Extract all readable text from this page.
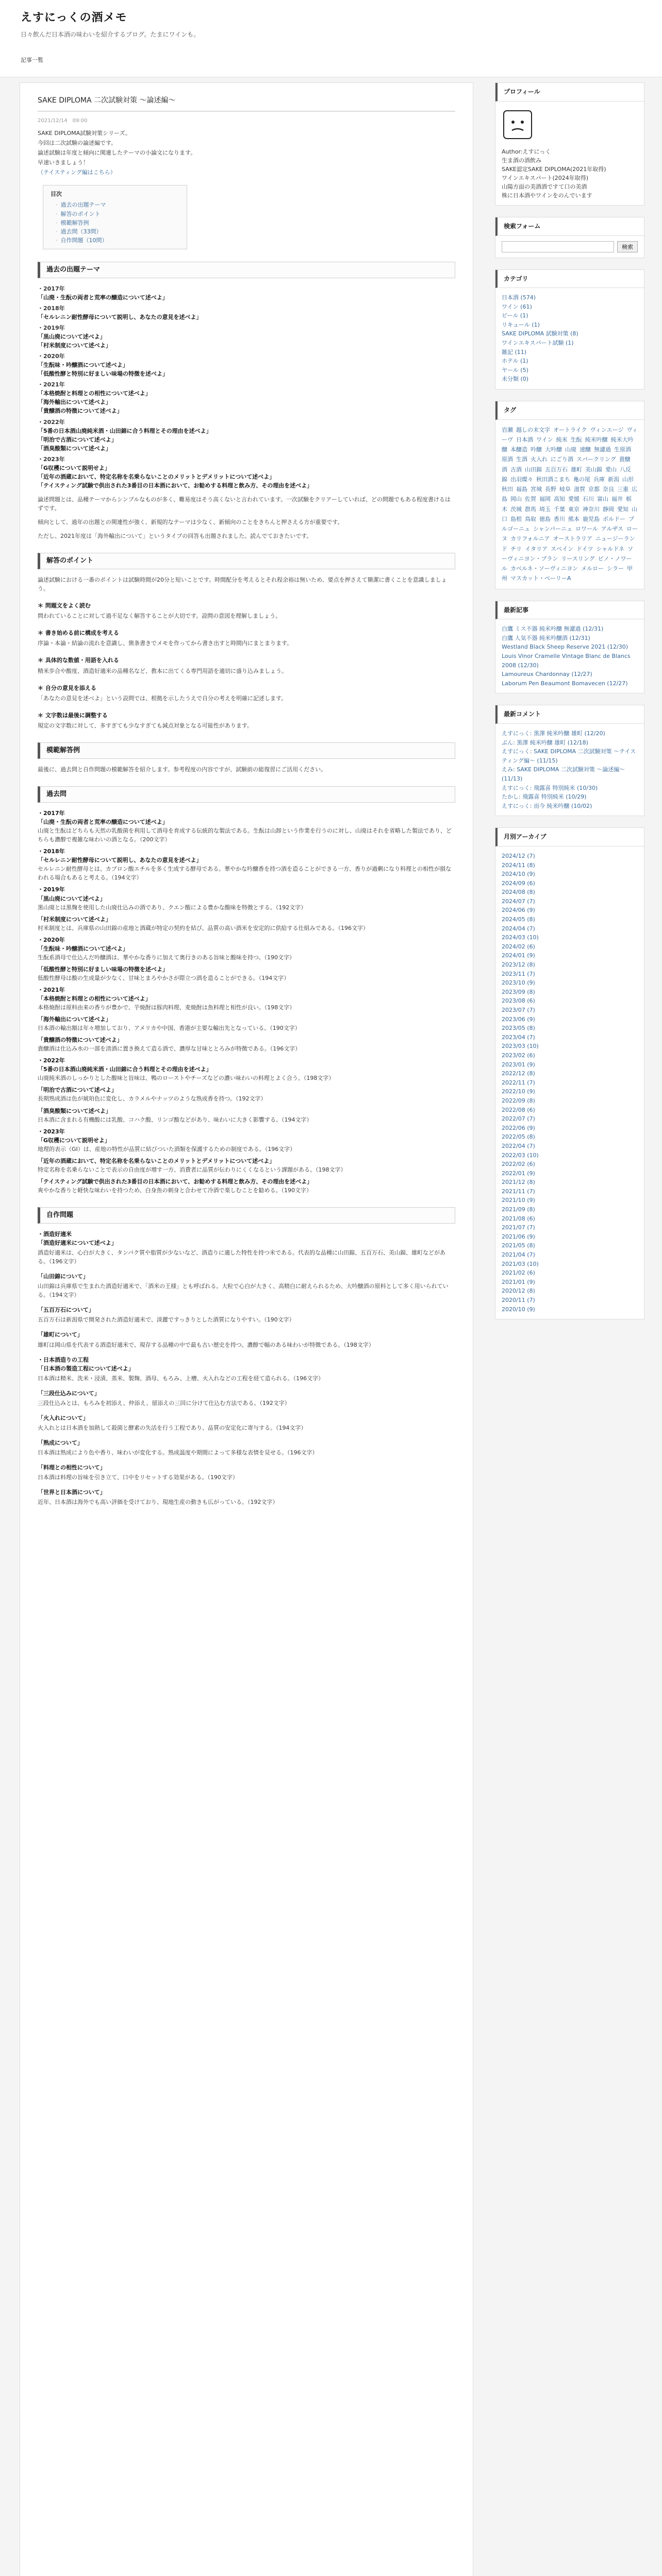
えすにっくの酒メモ
日々飲んだ日本酒の味わいを紹介するブログ。たまにワインも。
記事一覧
SAKE DIPLOMA 二次試験対策 〜論述編〜
2021/12/14　09:00

SAKE DIPLOMA試験対策シリーズ。

今回は二次試験の論述編です。

論述試験は年度と傾向に関連したテーマの小論文になります。

早速いきましょう！

（テイスティング編はこちら）

目次
· 過去の出題テーマ
· 解答のポイント
· 模範解答例
· 過去問（33問）
· 自作問題（10問）
過去の出題テーマ
・2017年
「山廃・生酛の両者と荒率の醸造について述べよ」
・2018年
「セルレニン耐性酵母について説明し、あなたの意見を述べよ」
・2019年
「黒山廃について述べよ」
「村米制度について述べよ」
・2020年
「生酛味・吟醸酒について述べよ」
「低酸性酵と特別に好ましい味場の特徴を述べよ」
・2021年
「本格焼酎と料理との相性について述べよ」
「海外輸出について述べよ」
「貴醸酒の特徴について述べよ」
・2022年
「5番の日本酒山廃純米酒・山田錦に合う料理とその理由を述べよ」
「明治で古酒について述べよ」
「酒臭酸類について述べよ」
・2023年
「G収穫について説明せよ」
「近年の酒蔵において、特定名称を名乗らないことのメリットとデメリットについて述べよ」
「テイスティング試験で供出された3番目の日本酒において、お勧めする料理と飲み方、その理由を述べよ」

論述問題とは、品種テーマからシンプルなものが多く、難易度はそう高くないと言われています。一次試験をクリアーしていれば、どの問題でもある程度書けるはずです。

傾向として、過年の出題との関連性が強く、新規的なテーマは少なく、新傾向のことをきちんと押さえる方が重要です。

ただし、2021年度は「海外輸出について」というタイプの回答も出題されました。読んでておきたいです。

解答のポイント
論述試験における一番のポイントは試験時間が20分と短いことです。時間配分を考えるとそれ程余裕は無いため、要点を押さえて簡潔に書くことを意識しましょう。
＊ 問題文をよく読む
問われていることに対して過不足なく解答することが大切です。設問の意図を理解しましょう。
＊ 書き始める前に構成を考える
序論・本論・結論の流れを意識し、箇条書きでメモを作ってから書き出すと時間内にまとまります。
＊ 具体的な数値・用語を入れる
精米歩合や酸度、酒造好適米の品種名など、教本に出てくる専門用語を適切に盛り込みましょう。
＊ 自分の意見を添える
「あなたの意見を述べよ」という設問では、根拠を示したうえで自分の考えを明確に記述します。
＊ 文字数は最後に調整する
規定の文字数に対して、多すぎても少なすぎても減点対象となる可能性があります。
模範解答例
最後に、過去問と自作問題の模範解答を紹介します。参考程度の内容ですが、試験前の総復習にご活用ください。
過去問
・2017年
「山廃・生酛の両者と荒率の醸造について述べよ」
山廃と生酛はどちらも天然の乳酸菌を利用して酒母を育成する伝統的な製法である。生酛は山卸という作業を行うのに対し、山廃はそれを省略した製法であり、どちらも濃醇で複雑な味わいの酒となる。（200文字）
・2018年
「セルレニン耐性酵母について説明し、あなたの意見を述べよ」
セルレニン耐性酵母とは、カプロン酸エチルを多く生成する酵母である。華やかな吟醸香を持つ酒を造ることができる一方、香りが過剰になり料理との相性が損なわれる場合もあると考える。（194文字）
・2019年
「黒山廃について述べよ」
黒山廃とは黒麹を使用した山廃仕込みの酒であり、クエン酸による豊かな酸味を特徴とする。（192文字）
「村米制度について述べよ」
村米制度とは、兵庫県の山田錦の産地と酒蔵が特定の契約を結び、品質の高い酒米を安定的に供給する仕組みである。（196文字）
・2020年
「生酛味・吟醸酒について述べよ」
生酛系酒母で仕込んだ吟醸酒は、華やかな香りに加えて奥行きのある旨味と酸味を持つ。（190文字）
「低酸性酵と特別に好ましい味場の特徴を述べよ」
低酸性酵母は酸の生成量が少なく、甘味とまろやかさが際立つ酒を造ることができる。（194文字）
・2021年
「本格焼酎と料理との相性について述べよ」
本格焼酎は原料由来の香りが豊かで、芋焼酎は豚肉料理、麦焼酎は魚料理と相性が良い。（198文字）
「海外輸出について述べよ」
日本酒の輸出額は年々増加しており、アメリカや中国、香港が主要な輸出先となっている。（190文字）
「貴醸酒の特徴について述べよ」
貴醸酒は仕込み水の一部を清酒に置き換えて造る酒で、濃厚な甘味ととろみが特徴である。（196文字）
・2022年
「5番の日本酒山廃純米酒・山田錦に合う料理とその理由を述べよ」
山廃純米酒のしっかりとした酸味と旨味は、鴨のローストやチーズなどの濃い味わいの料理とよく合う。（198文字）
「明治で古酒について述べよ」
長期熟成酒は色が琥珀色に変化し、カラメルやナッツのような熟成香を持つ。（192文字）
「酒臭酸類について述べよ」
日本酒に含まれる有機酸には乳酸、コハク酸、リンゴ酸などがあり、味わいに大きく影響する。（194文字）
・2023年
「G収穫について説明せよ」
地理的表示（GI）は、産地の特性が品質に結びついた酒類を保護するための制度である。（196文字）
「近年の酒蔵において、特定名称を名乗らないことのメリットとデメリットについて述べよ」
特定名称を名乗らないことで表示の自由度が増す一方、消費者に品質が伝わりにくくなるという課題がある。（198文字）
「テイスティング試験で供出された3番目の日本酒において、お勧めする料理と飲み方、その理由を述べよ」
爽やかな香りと軽快な味わいを持つため、白身魚の刺身と合わせて冷酒で楽しむことを勧める。（190文字）
自作問題
・酒造好適米
「酒造好適米について述べよ」
酒造好適米は、心白が大きく、タンパク質や脂質が少ないなど、酒造りに適した特性を持つ米である。代表的な品種に山田錦、五百万石、美山錦、雄町などがある。（196文字）
「山田錦について」
山田錦は兵庫県で生まれた酒造好適米で、「酒米の王様」とも呼ばれる。大粒で心白が大きく、高精白に耐えられるため、大吟醸酒の原料として多く用いられている。（194文字）
「五百万石について」
五百万石は新潟県で開発された酒造好適米で、淡麗ですっきりとした酒質になりやすい。（190文字）
「雄町について」
雄町は岡山県を代表する酒造好適米で、現存する品種の中で最も古い歴史を持つ。濃醇で幅のある味わいが特徴である。（198文字）
・日本酒造りの工程
「日本酒の製造工程について述べよ」
日本酒は精米、洗米・浸漬、蒸米、製麹、酒母、もろみ、上槽、火入れなどの工程を経て造られる。（196文字）
「三段仕込みについて」
三段仕込みとは、もろみを初添え、仲添え、留添えの三回に分けて仕込む方法である。（192文字）
「火入れについて」
火入れとは日本酒を加熱して殺菌と酵素の失活を行う工程であり、品質の安定化に寄与する。（194文字）
「熟成について」
日本酒は熟成により色や香り、味わいが変化する。熟成温度や期間によって多様な表情を見せる。（196文字）
「料理との相性について」
日本酒は料理の旨味を引き立て、口中をリセットする効果がある。（190文字）
「世界と日本酒について」
近年、日本酒は海外でも高い評価を受けており、現地生産の動きも広がっている。（192文字）
プロフィール
Author:えすにっく
生ま酒の酒飲み
SAKE認定SAKE DIPLOMA(2021年取得)
ワインエキスパート(2024年取得)
山陽方面の美酒酒ですて口の美酒
株に日本酒やワインをのんでいます
検索フォーム
検索
カテゴリ
日本酒 (574)
ワイン (61)
ビール (1)
リキュール (1)
SAKE DIPLOMA 試験対策 (8)
ワインエキスパート試験 (1)
雑記 (11)
ホテル (1)
ヤール (5)
未分類 (0)
タグ
岩瀬 越しの末文字 オートライク ヴィンエージ ヴィーヴ 日本酒 ワイン 純米 生酛 純米吟醸 純米大吟醸 本醸造 吟醸 大吟醸 山廃 速醸 無濾過 生原酒原酒 生酒 火入れ にごり酒 スパークリング 貴醸酒 古酒 山田錦 五百万石 雄町 美山錦 愛山 八反錦 出羽燦々 秋田酒こまち 亀の尾 兵庫 新潟 山形秋田 福島 宮城 長野 岐阜 滋賀 京都 奈良 三重 広島 岡山 佐賀 福岡 高知 愛媛 石川 富山 福井 栃木 茨城 群馬 埼玉 千葉 東京 神奈川 静岡 愛知 山口 島根 鳥取 徳島 香川 熊本 鹿児島 ボルドー ブルゴーニュ シャンパーニュ ロワール アルザス ローヌ カリフォルニア オーストラリア ニュージーランド チリ イタリア スペイン ドイツ シャルドネ ソーヴィニヨン・ブラン リースリング ピノ・ノワール カベルネ・ソーヴィニヨン メルロー シラー 甲州 マスカット・ベーリーA
最新記事
白鷹 ミス不器 純米吟醸 無濾過 (12/31)
白鷹 人気不器 純米吟醸酒 (12/31)
Westland Black Sheep Reserve 2021 (12/30)
Louis Vinor Cramelle Vintage Blanc de Blancs 2008 (12/30)
Lamoureux Chardonnay (12/27)
Laborum Pen Beaumont Bomavecen (12/27)
最新コメント
えすにっく: 黒澤 純米吟醸 雄町 (12/20)
ぶん: 黒澤 純米吟醸 雄町 (12/18)
えすにっく: SAKE DIPLOMA 二次試験対策 〜テイスティング編〜 (11/15)
えみ: SAKE DIPLOMA 二次試験対策 〜論述編〜 (11/13)
えすにっく: 飛露喜 特別純米 (10/30)
たかし: 飛露喜 特別純米 (10/29)
えすにっく: 而今 純米吟醸 (10/02)
月別アーカイブ
2024/12 (7)
2024/11 (8)
2024/10 (9)
2024/09 (6)
2024/08 (8)
2024/07 (7)
2024/06 (9)
2024/05 (8)
2024/04 (7)
2024/03 (10)
2024/02 (6)
2024/01 (9)
2023/12 (8)
2023/11 (7)
2023/10 (9)
2023/09 (8)
2023/08 (6)
2023/07 (7)
2023/06 (9)
2023/05 (8)
2023/04 (7)
2023/03 (10)
2023/02 (6)
2023/01 (9)
2022/12 (8)
2022/11 (7)
2022/10 (9)
2022/09 (8)
2022/08 (6)
2022/07 (7)
2022/06 (9)
2022/05 (8)
2022/04 (7)
2022/03 (10)
2022/02 (6)
2022/01 (9)
2021/12 (8)
2021/11 (7)
2021/10 (9)
2021/09 (8)
2021/08 (6)
2021/07 (7)
2021/06 (9)
2021/05 (8)
2021/04 (7)
2021/03 (10)
2021/02 (6)
2021/01 (9)
2020/12 (8)
2020/11 (7)
2020/10 (9)
